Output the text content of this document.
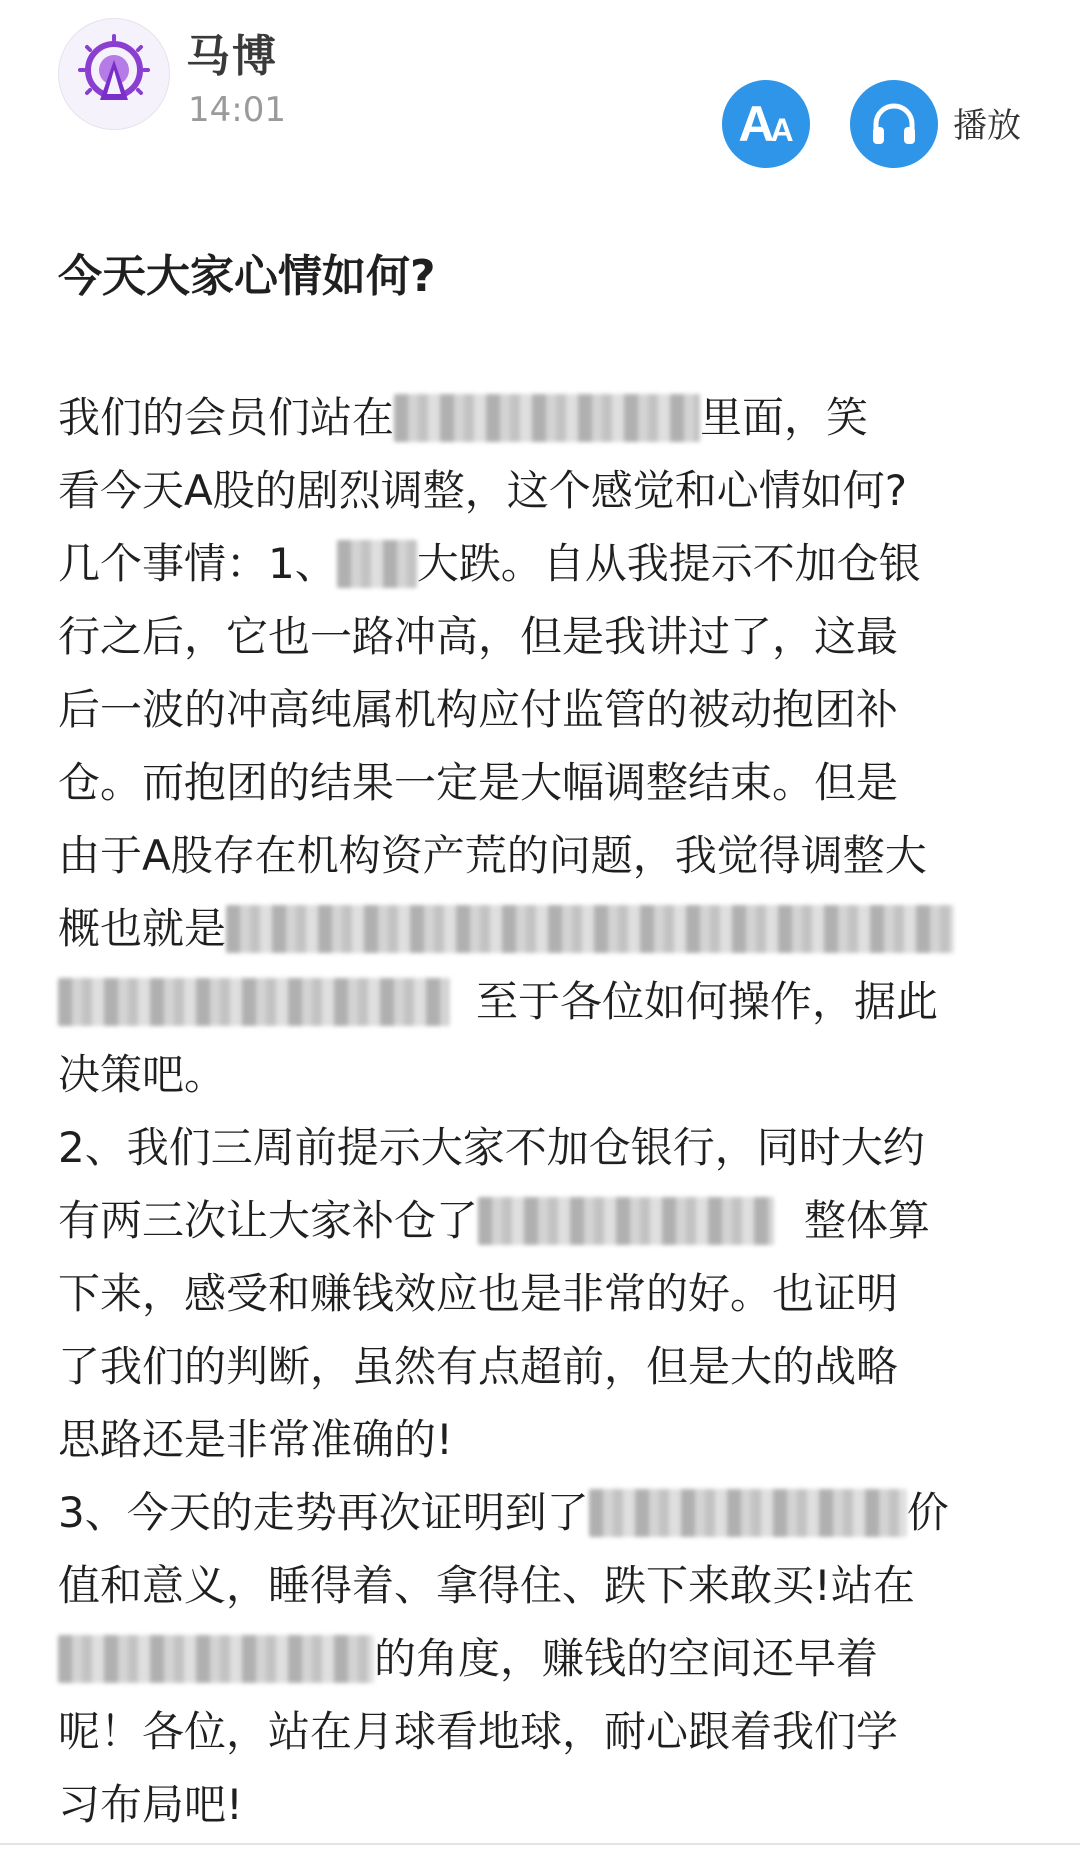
马博
14:01	AA	播放
今天大家心情如何?
我们的会员们站在	里面，笑
看今天A股的剧烈调整，这个感觉和心情如何?
几个事情：1、 大跌。自从我提示不加仓银
行之后，它也一路冲高，但是我讲过了，这最
后一波的冲高纯属机构应付监管的被动抱团补
仓。而抱团的结果一定是大幅调整结束。但是
由于A股存在机构资产荒的问题，我觉得调整大
概也就是
至于各位如何操作，据此
决策吧。
2、我们三周前提示大家不加仓银行，同时大约
有两三次让大家补仓了	整体算
下来，感受和赚钱效应也是非常的好。也证明
了我们的判断，虽然有点超前，但是大的战略
思路还是非常准确的!
3、今天的走势再次证明到了	价
值和意义，睡得着、拿得住、跌下来敢买!站在
的角度，赚钱的空间还早着
呢！各位，站在月球看地球，耐心跟着我们学
习布局吧!
